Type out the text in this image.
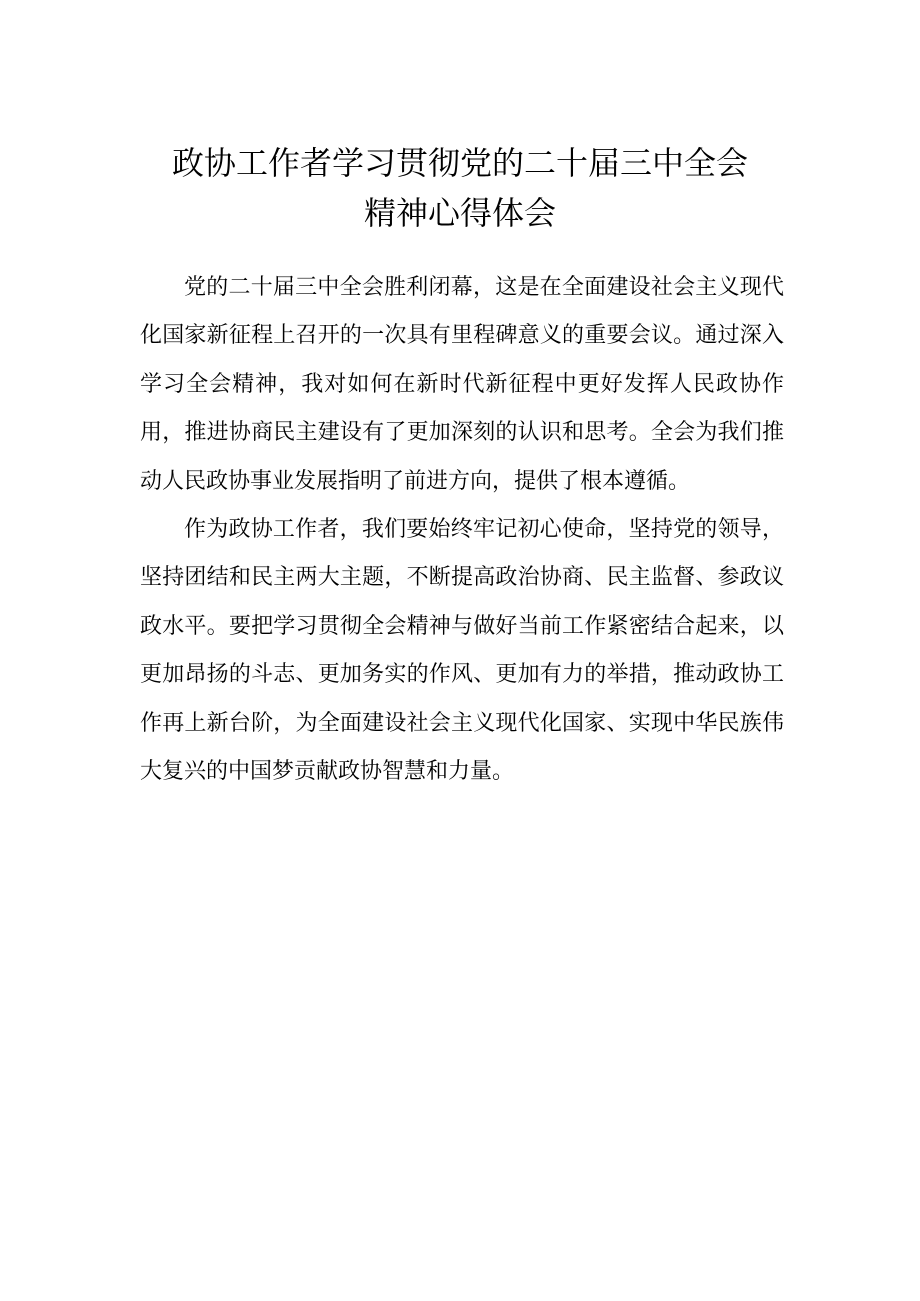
政协工作者学习贯彻党的二十届三中全会
精神心得体会

党的二十届三中全会胜利闭幕，这是在全面建设社会主义现代化国家新征程上召开的一次具有里程碑意义的重要会议。通过深入学习全会精神，我对如何在新时代新征程中更好发挥人民政协作用，推进协商民主建设有了更加深刻的认识和思考。全会为我们推动人民政协事业发展指明了前进方向，提供了根本遵循。

作为政协工作者，我们要始终牢记初心使命，坚持党的领导，坚持团结和民主两大主题，不断提高政治协商、民主监督、参政议政水平。要把学习贯彻全会精神与做好当前工作紧密结合起来，以更加昂扬的斗志、更加务实的作风、更加有力的举措，推动政协工作再上新台阶，为全面建设社会主义现代化国家、实现中华民族伟大复兴的中国梦贡献政协智慧和力量。
